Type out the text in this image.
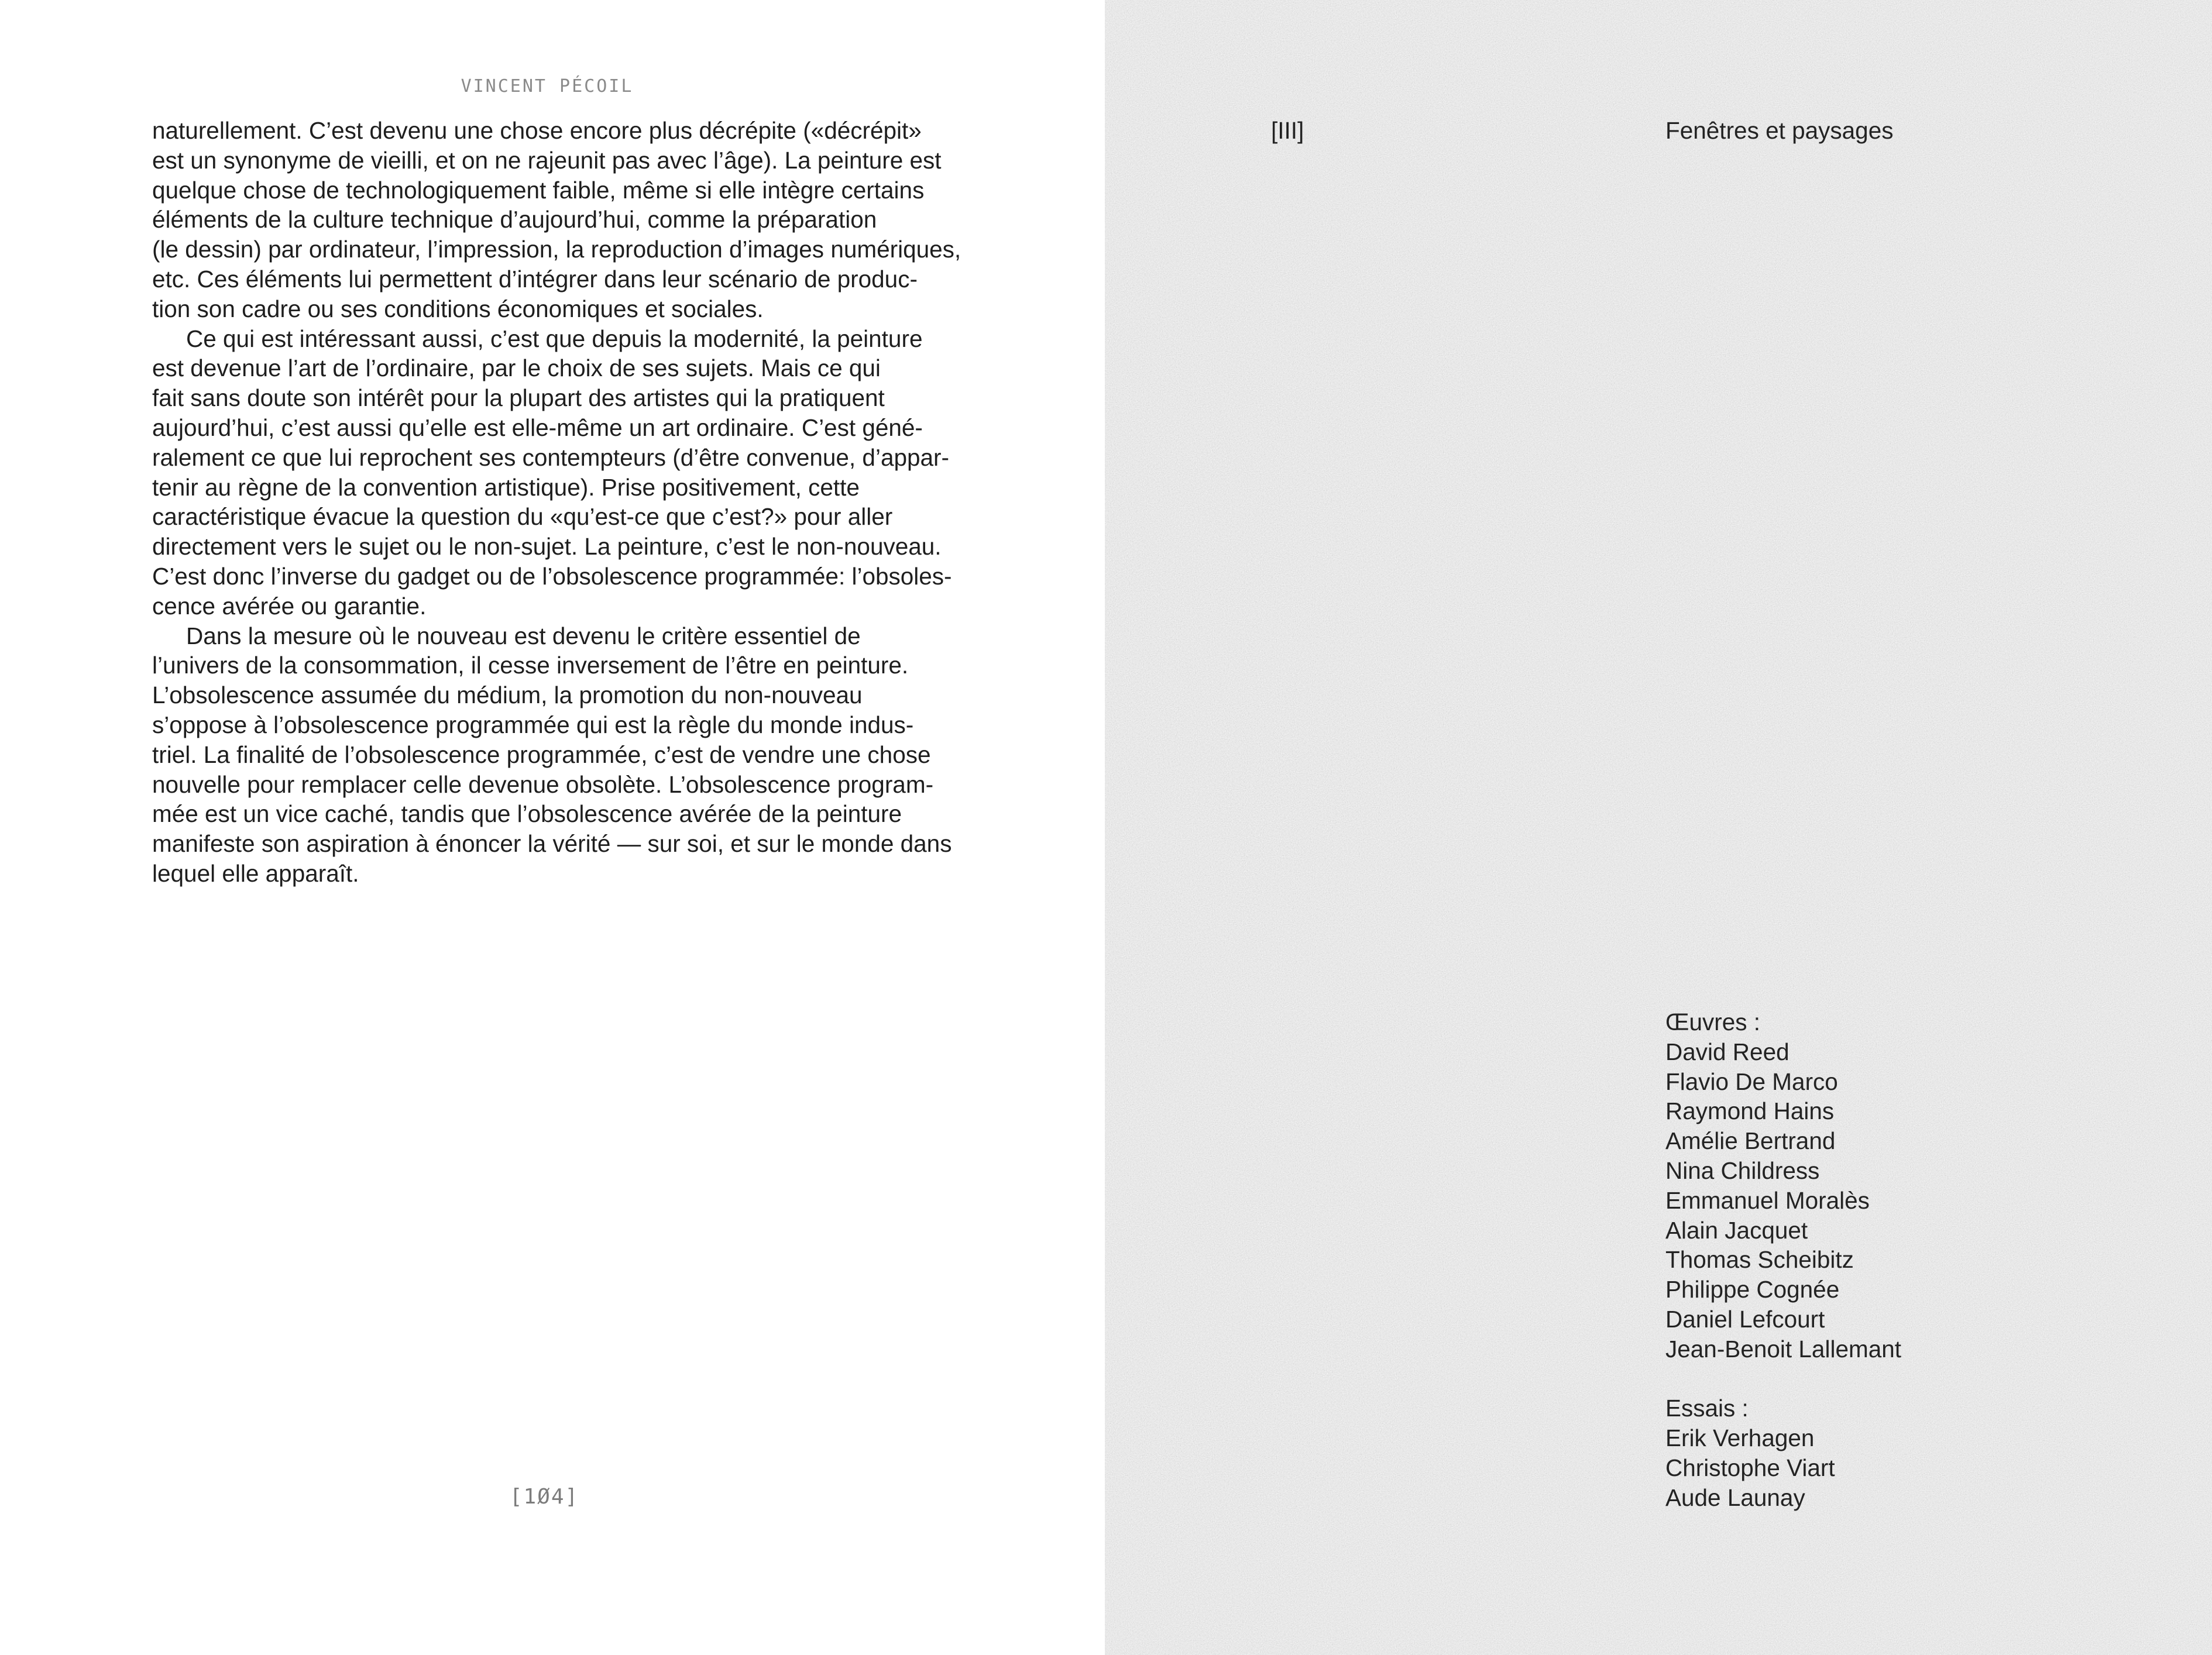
VINCENT PÉCOIL

naturellement. C’est devenu une chose encore plus décrépite («décrépit»
est un synonyme de vieilli, et on ne rajeunit pas avec l’âge). La peinture est
quelque chose de technologiquement faible, même si elle intègre certains
éléments de la culture technique d’aujourd’hui, comme la préparation
(le dessin) par ordinateur, l’impression, la reproduction d’images numériques,
etc. Ces éléments lui permettent d’intégrer dans leur scénario de produc-
tion son cadre ou ses conditions économiques et sociales.

Ce qui est intéressant aussi, c’est que depuis la modernité, la peinture
est devenue l’art de l’ordinaire, par le choix de ses sujets. Mais ce qui
fait sans doute son intérêt pour la plupart des artistes qui la pratiquent
aujourd’hui, c’est aussi qu’elle est elle-même un art ordinaire. C’est géné-
ralement ce que lui reprochent ses contempteurs (d’être convenue, d’appar-
tenir au règne de la convention artistique). Prise positivement, cette
caractéristique évacue la question du «qu’est-ce que c’est?» pour aller
directement vers le sujet ou le non-sujet. La peinture, c’est le non-nouveau.
C’est donc l’inverse du gadget ou de l’obsolescence programmée: l’obsoles-
cence avérée ou garantie.

Dans la mesure où le nouveau est devenu le critère essentiel de
l’univers de la consommation, il cesse inversement de l’être en peinture.
L’obsolescence assumée du médium, la promotion du non-nouveau
s’oppose à l’obsolescence programmée qui est la règle du monde indus-
triel. La finalité de l’obsolescence programmée, c’est de vendre une chose
nouvelle pour remplacer celle devenue obsolète. L’obsolescence program-
mée est un vice caché, tandis que l’obsolescence avérée de la peinture
manifeste son aspiration à énoncer la vérité — sur soi, et sur le monde dans
lequel elle apparaît.

[1Ø4]
[III]	Fenêtres et paysages
Œuvres :
David Reed
Flavio De Marco
Raymond Hains
Amélie Bertrand
Nina Childress
Emmanuel Moralès
Alain Jacquet
Thomas Scheibitz
Philippe Cognée
Daniel Lefcourt
Jean-Benoit Lallemant
Essais :
Erik Verhagen
Christophe Viart
Aude Launay
